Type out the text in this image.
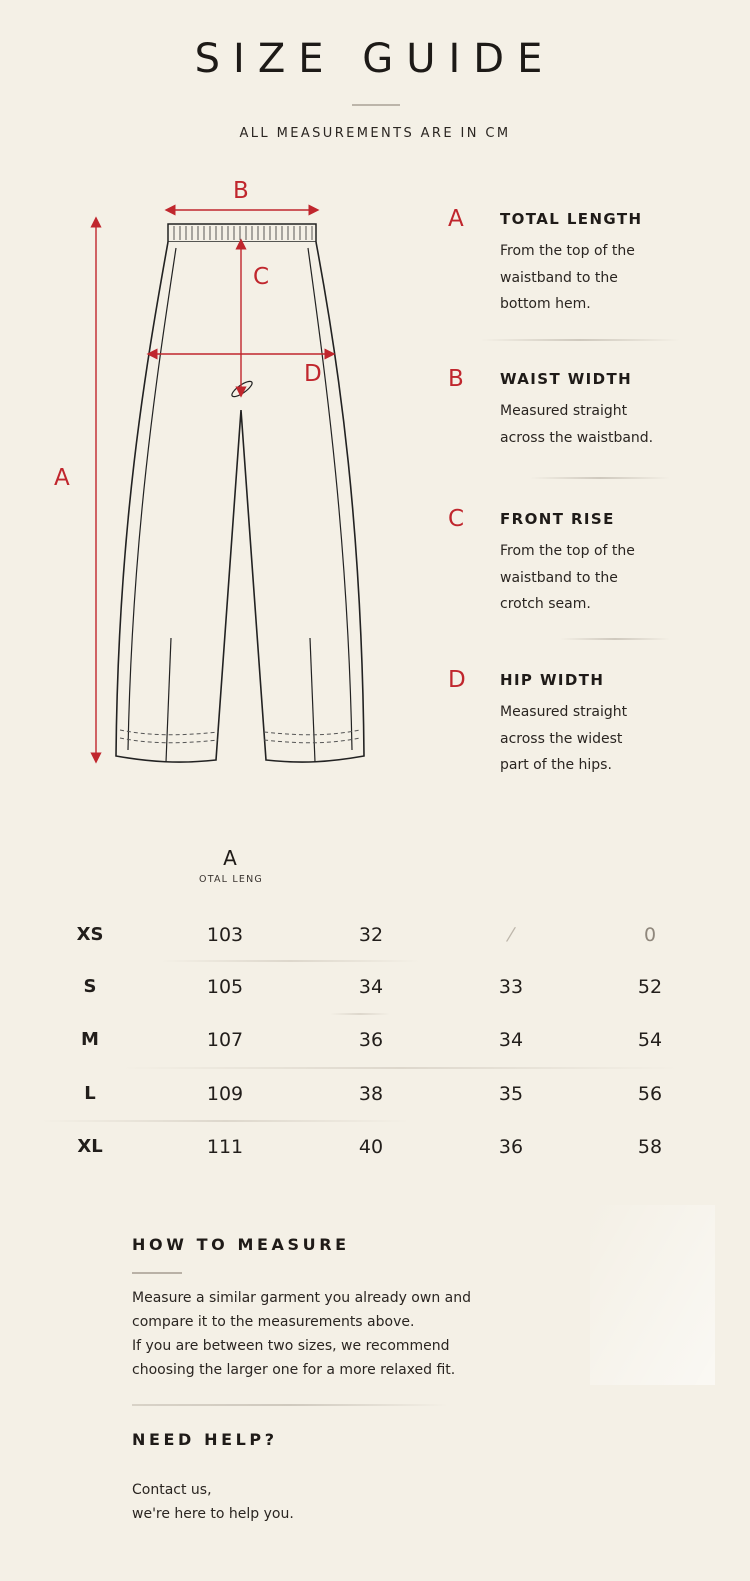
SIZE GUIDE
ALL MEASUREMENTS ARE IN CM
A
B
C
D
A TOTAL LENGTH
From the top of the
waistband to the
bottom hem.
B WAIST WIDTH
Measured straight
across the waistband.
C FRONT RISE
From the top of the
waistband to the
crotch seam.
D HIP WIDTH
Measured straight
across the widest
part of the hips.
A
OTAL LENG
XS	103	32	⁄	0
S	105	34	33	52
M	107	36	34	54
L	109	38	35	56
XL	111	40	36	58
HOW TO MEASURE
Measure a similar garment you already own and
compare it to the measurements above.
If you are between two sizes, we recommend
choosing the larger one for a more relaxed fit.
NEED HELP?
Contact us,
we're here to help you.
